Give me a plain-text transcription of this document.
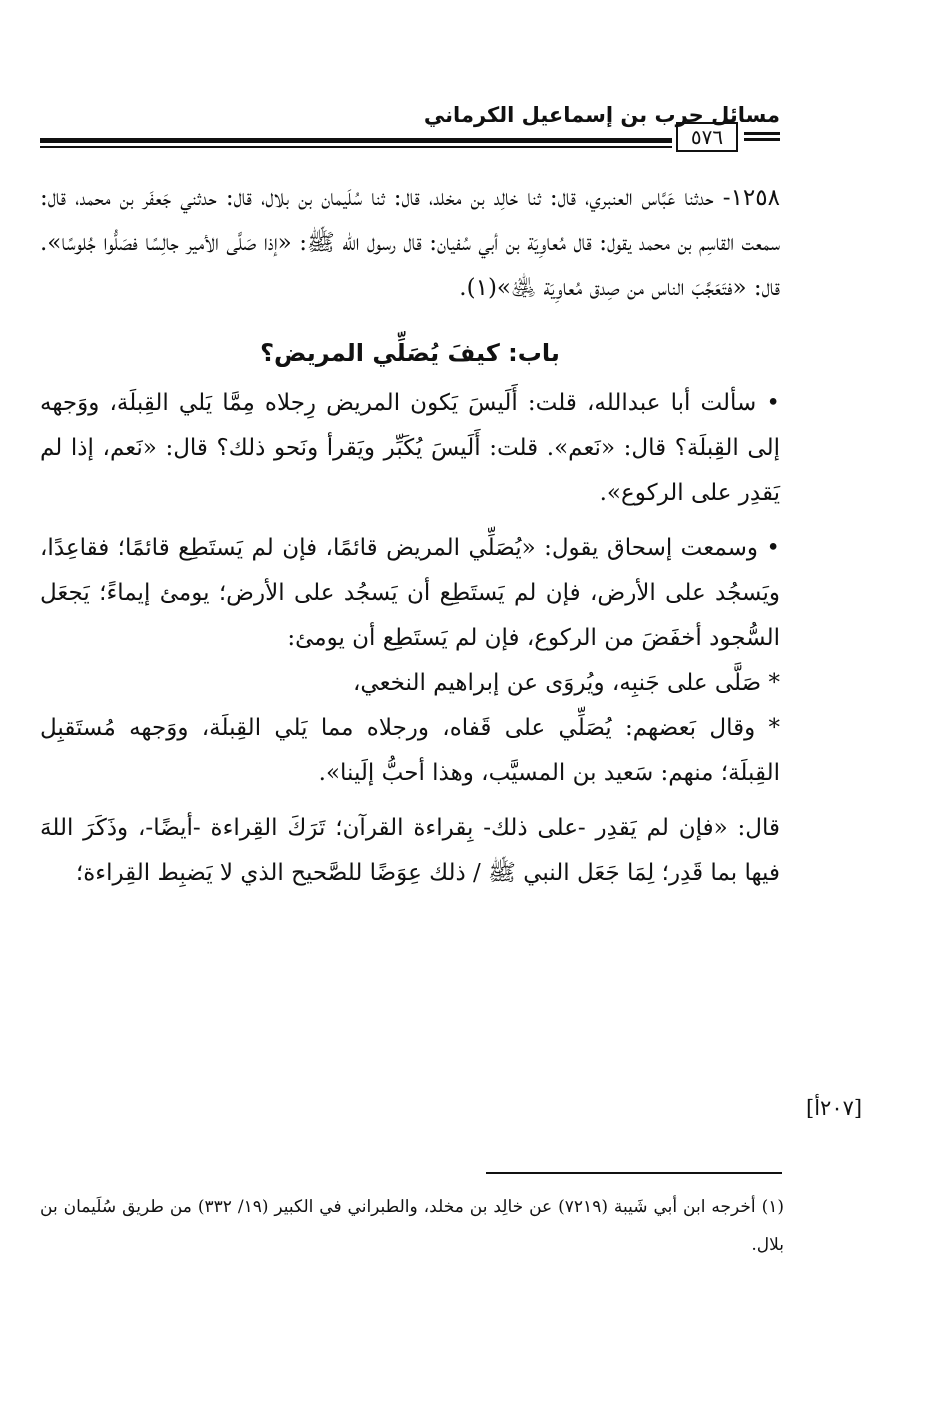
مسائل حرب بن إسماعيل الكرماني
٥٧٦

١٢٥٨- حدثنا عَبَّاس العنبري، قال: ثنا خالِد بن مخلد، قال: ثنا سُلَيمان بن بلال، قال: حدثني جَعفَر بن محمد، قال: سمعت القاسِم بن محمد يقول: قال مُعاوِيَة بن أبي سُفيان: قال رسول الله ﷺ: «إذا صَلَّى الأمير جالِسًا فصَلُّوا جُلوسًا». قال: «فتَعَجَّبَ الناس من صِدق مُعاوِيَة ﵁»(١).

باب: كيفَ يُصَلِّي المريض؟

• سألت أبا عبدالله، قلت: أَلَيسَ يَكون المريض رِجلاه مِمَّا يَلي القِبلَة، ووَجهه إلى القِبلَة؟ قال: «نَعم». قلت: أَلَيسَ يُكَبِّر ويَقرأ ونَحو ذلك؟ قال: «نَعم، إذا لم يَقدِر على الركوع».

• وسمعت إسحاق يقول: «يُصَلِّي المريض قائمًا، فإن لم يَستَطِع قائمًا؛ فقاعِدًا، ويَسجُد على الأرض، فإن لم يَستَطِع أن يَسجُد على الأرض؛ يومئ إيماءً؛ يَجعَل السُّجود أخفَضَ من الركوع، فإن لم يَستَطِع أن يومئ:

* صَلَّى على جَنبِه، ويُروَى عن إبراهيم النخعي،

* وقال بَعضهم: يُصَلِّي على قَفاه، ورجلاه مما يَلي القِبلَة، ووَجهه مُستَقبِل القِبلَة؛ منهم: سَعيد بن المسيَّب، وهذا أحبُّ إلَينا».

قال: «فإن لم يَقدِر -على ذلك- بِقراءة القرآن؛ تَرَكَ القِراءة -أيضًا-، وذَكَرَ اللهَ فيها بما قَدِر؛ لِمَا جَعَل النبي ﷺ / ذلك عِوَضًا للصَّحيح الذي لا يَضبِط القِراءة؛

[٢٠٧أ]
(١) أخرجه ابن أبي شَيبة (٧٢١٩) عن خالِد بن مخلد، والطبراني في الكبير (١٩/ ٣٣٢) من طريق سُلَيمان بن بلال.
